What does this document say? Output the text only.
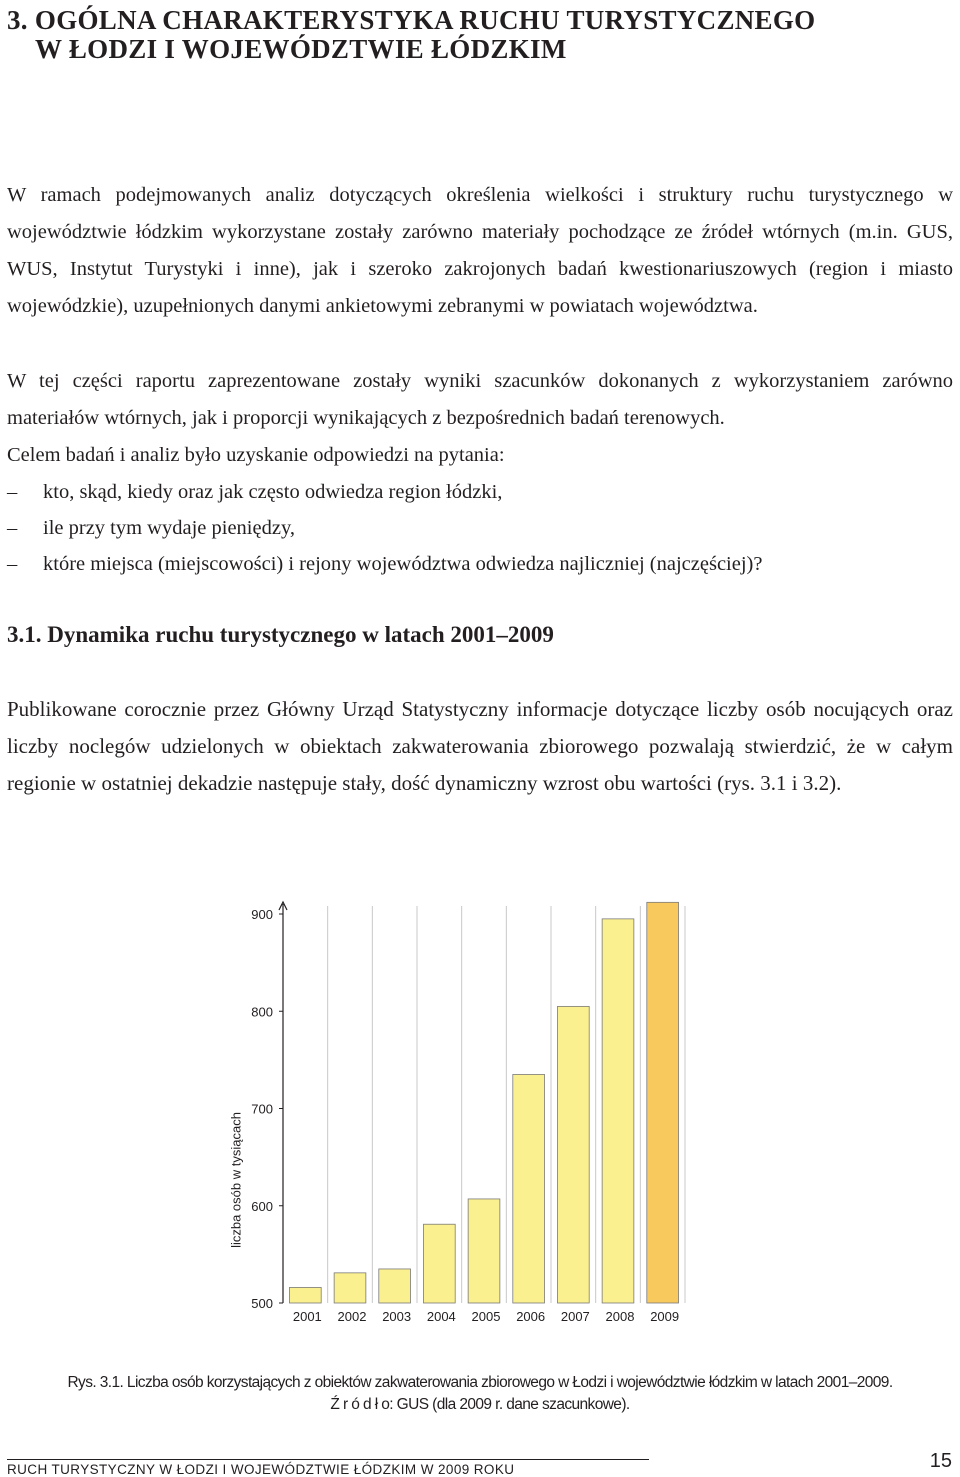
3. OGÓLNA CHARAKTERYSTYKA RUCHU TURYSTYCZNEGO
W ŁODZI I WOJEWÓDZTWIE ŁÓDZKIM

W ramach podejmowanych analiz dotyczących określenia wielkości i struktury ruchu turystycznego w województwie łódzkim wykorzystane zostały zarówno materiały pochodzące ze źródeł wtórnych (m.in. GUS, WUS, Instytut Turystyki i inne), jak i szeroko zakrojonych badań kwestionariuszowych (region i miasto wojewódzkie), uzupełnionych danymi ankietowymi zebranymi w powiatach województwa.

W tej części raportu zaprezentowane zostały wyniki szacunków dokonanych z wykorzystaniem zarówno materiałów wtórnych, jak i proporcji wynikających z bezpośrednich badań terenowych.

Celem badań i analiz było uzyskanie odpowiedzi na pytania:

– kto, skąd, kiedy oraz jak często odwiedza region łódzki,
– ile przy tym wydaje pieniędzy,
– które miejsca (miejscowości) i rejony województwa odwiedza najliczniej (najczęściej)?
3.1. Dynamika ruchu turystycznego w latach 2001–2009

Publikowane corocznie przez Główny Urząd Statystyczny informacje dotyczące liczby osób nocujących oraz liczby noclegów udzielonych w obiektach zakwaterowania zbiorowego pozwalają stwierdzić, że w całym regionie w ostatniej dekadzie następuje stały, dość dynamiczny wzrost obu wartości (rys. 3.1 i 3.2).

liczba osób w tysiącach
500
600
700
800
900
2001 2002 2003 2004 2005 2006 2007 2008 2009

Rys. 3.1. Liczba osób korzystających z obiektów zakwaterowania zbiorowego w Łodzi i województwie łódzkim w latach 2001–2009.

Ź r ó d ł o: GUS (dla 2009 r. dane szacunkowe).

RUCH TURYSTYCZNY W ŁODZI I WOJEWÓDZTWIE ŁÓDZKIM W 2009 ROKU	15
